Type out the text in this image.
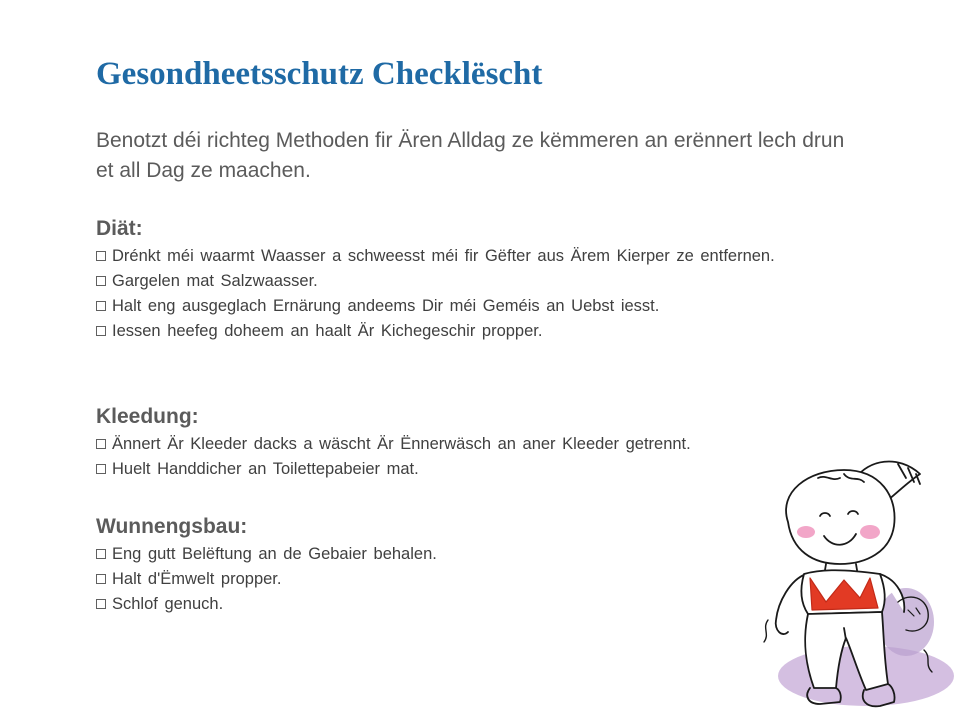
Gesondheetsschutz Checklëscht

Benotzt déi richteg Methoden fir Ären Alldag ze këmmeren an erënnert lech drun et all Dag ze maachen.

Diät:
Drénkt méi waarmt Waasser a schweesst méi fir Gëfter aus Ärem Kierper ze entfernen.
Gargelen mat Salzwaasser.
Halt eng ausgeglach Ernärung andeems Dir méi Geméis an Uebst iesst.
Iessen heefeg doheem an haalt Är Kichegeschir propper.
Kleedung:
Ännert Är Kleeder dacks a wäscht Är Ënnerwäsch an aner Kleeder getrennt.
Huelt Handdicher an Toilettepabeier mat.
Wunnengsbau:
Eng gutt Belëftung an de Gebaier behalen.
Halt d'Ëmwelt propper.
Schlof genuch.
